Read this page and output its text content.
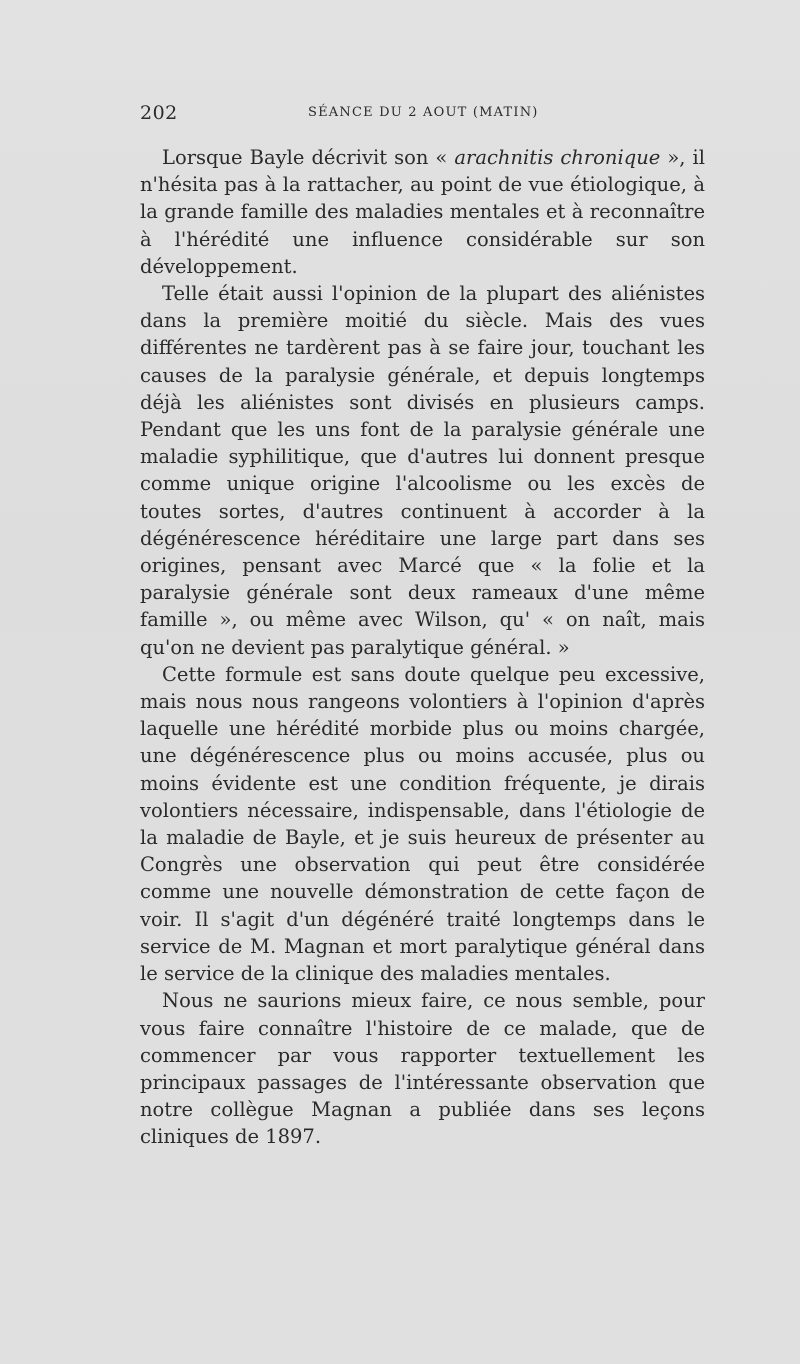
202	SÉANCE DU 2 AOUT (MATIN)

Lorsque Bayle décrivit son « arachnitis chronique », il n'hésita pas à la rattacher, au point de vue étiologique, à la grande famille des maladies mentales et à reconnaître à l'hérédité une influence considérable sur son développement.

Telle était aussi l'opinion de la plupart des aliénistes dans la première moitié du siècle. Mais des vues différentes ne tardèrent pas à se faire jour, touchant les causes de la paralysie générale, et depuis longtemps déjà les aliénistes sont divisés en plusieurs camps. Pendant que les uns font de la paralysie générale une maladie syphilitique, que d'autres lui donnent presque comme unique origine l'alcoolisme ou les excès de toutes sortes, d'autres continuent à accorder à la dégénérescence héréditaire une large part dans ses origines, pensant avec Marcé que « la folie et la paralysie générale sont deux rameaux d'une même famille », ou même avec Wilson, qu' « on naît, mais qu'on ne devient pas paralytique général. »

Cette formule est sans doute quelque peu excessive, mais nous nous rangeons volontiers à l'opinion d'après laquelle une hérédité morbide plus ou moins chargée, une dégénérescence plus ou moins accusée, plus ou moins évidente est une condition fréquente, je dirais volontiers nécessaire, indispensable, dans l'étiologie de la maladie de Bayle, et je suis heureux de présenter au Congrès une observation qui peut être considérée comme une nouvelle démonstration de cette façon de voir. Il s'agit d'un dégénéré traité longtemps dans le service de M. Magnan et mort paralytique général dans le service de la clinique des maladies mentales.

Nous ne saurions mieux faire, ce nous semble, pour vous faire connaître l'histoire de ce malade, que de commencer par vous rapporter textuellement les principaux passages de l'intéressante observation que notre collègue Magnan a publiée dans ses leçons cliniques de 1897.
